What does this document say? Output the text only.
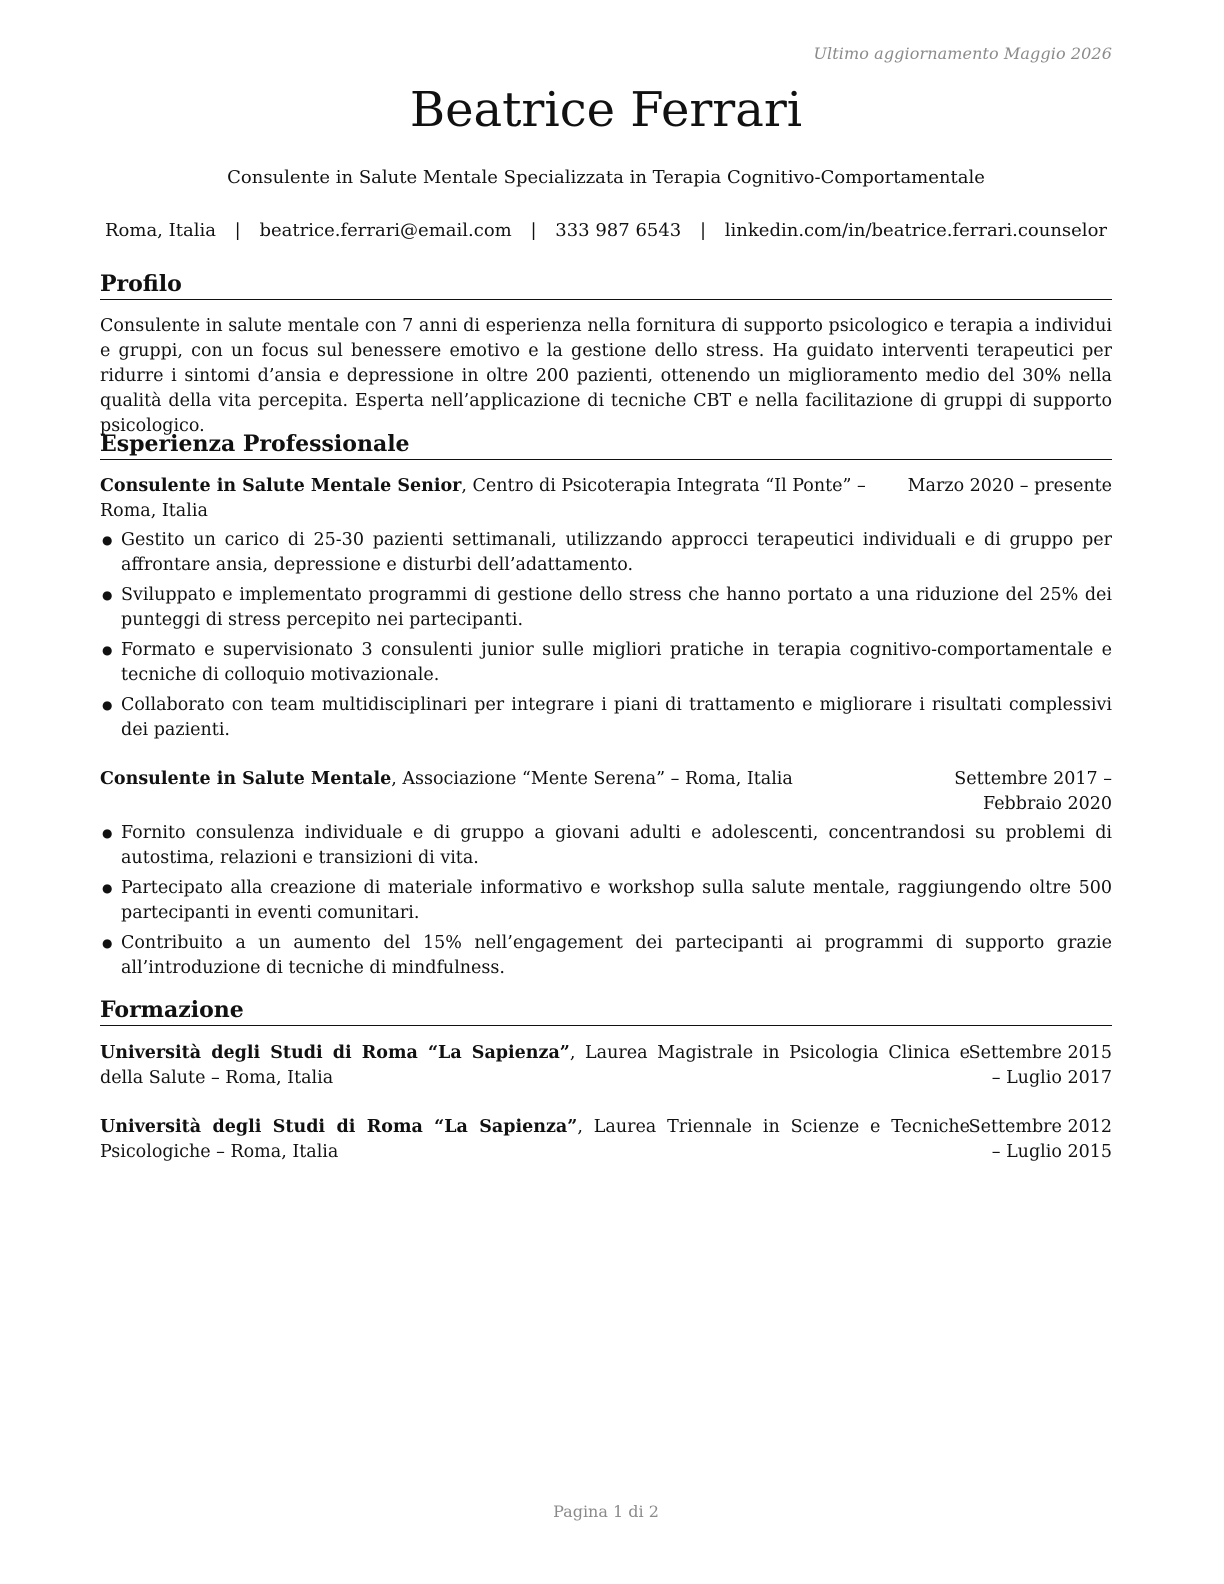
Ultimo aggiornamento Maggio 2026
Beatrice Ferrari
Consulente in Salute Mentale Specializzata in Terapia Cognitivo-Comportamentale
Roma, Italia | beatrice.ferrari@email.com | 333 987 6543 | linkedin.com/in/beatrice.ferrari.counselor
Profilo
Consulente in salute mentale con 7 anni di esperienza nella fornitura di supporto psicologico e terapia a individui e gruppi, con un focus sul benessere emotivo e la gestione dello stress. Ha guidato interventi terapeutici per ridurre i sintomi d’ansia e depressione in oltre 200 pazienti, ottenendo un miglioramento medio del 30% nella qualità della vita percepita. Esperta nell’applicazione di tecniche CBT e nella facilitazione di gruppi di supporto psicologico.
Esperienza Professionale
Consulente in Salute Mentale Senior, Centro di Psicoterapia Integrata “Il Ponte” – Roma, Italia
Marzo 2020 – presente
● Gestito un carico di 25-30 pazienti settimanali, utilizzando approcci terapeutici individuali e di gruppo per affrontare ansia, depressione e disturbi dell’adattamento.
● Sviluppato e implementato programmi di gestione dello stress che hanno portato a una riduzione del 25% dei punteggi di stress percepito nei partecipanti.
● Formato e supervisionato 3 consulenti junior sulle migliori pratiche in terapia cognitivo-comportamentale e tecniche di colloquio motivazionale.
● Collaborato con team multidisciplinari per integrare i piani di trattamento e migliorare i risultati complessivi dei pazienti.
Consulente in Salute Mentale, Associazione “Mente Serena” – Roma, Italia	Settembre 2017 – Febbraio 2020
● Fornito consulenza individuale e di gruppo a giovani adulti e adolescenti, concentrandosi su problemi di autostima, relazioni e transizioni di vita.
● Partecipato alla creazione di materiale informativo e workshop sulla salute mentale, raggiungendo oltre 500 partecipanti in eventi comunitari.
● Contribuito a un aumento del 15% nell’engagement dei partecipanti ai programmi di supporto grazie all’introduzione di tecniche di mindfulness.
Formazione
Università degli Studi di Roma “La Sapienza”, Laurea Magistrale in Psicologia Clinica e della Salute – Roma, Italia
Settembre 2015 – Luglio 2017
Università degli Studi di Roma “La Sapienza”, Laurea Triennale in Scienze e Tecniche Psicologiche – Roma, Italia
Settembre 2012 – Luglio 2015
Pagina 1 di 2
